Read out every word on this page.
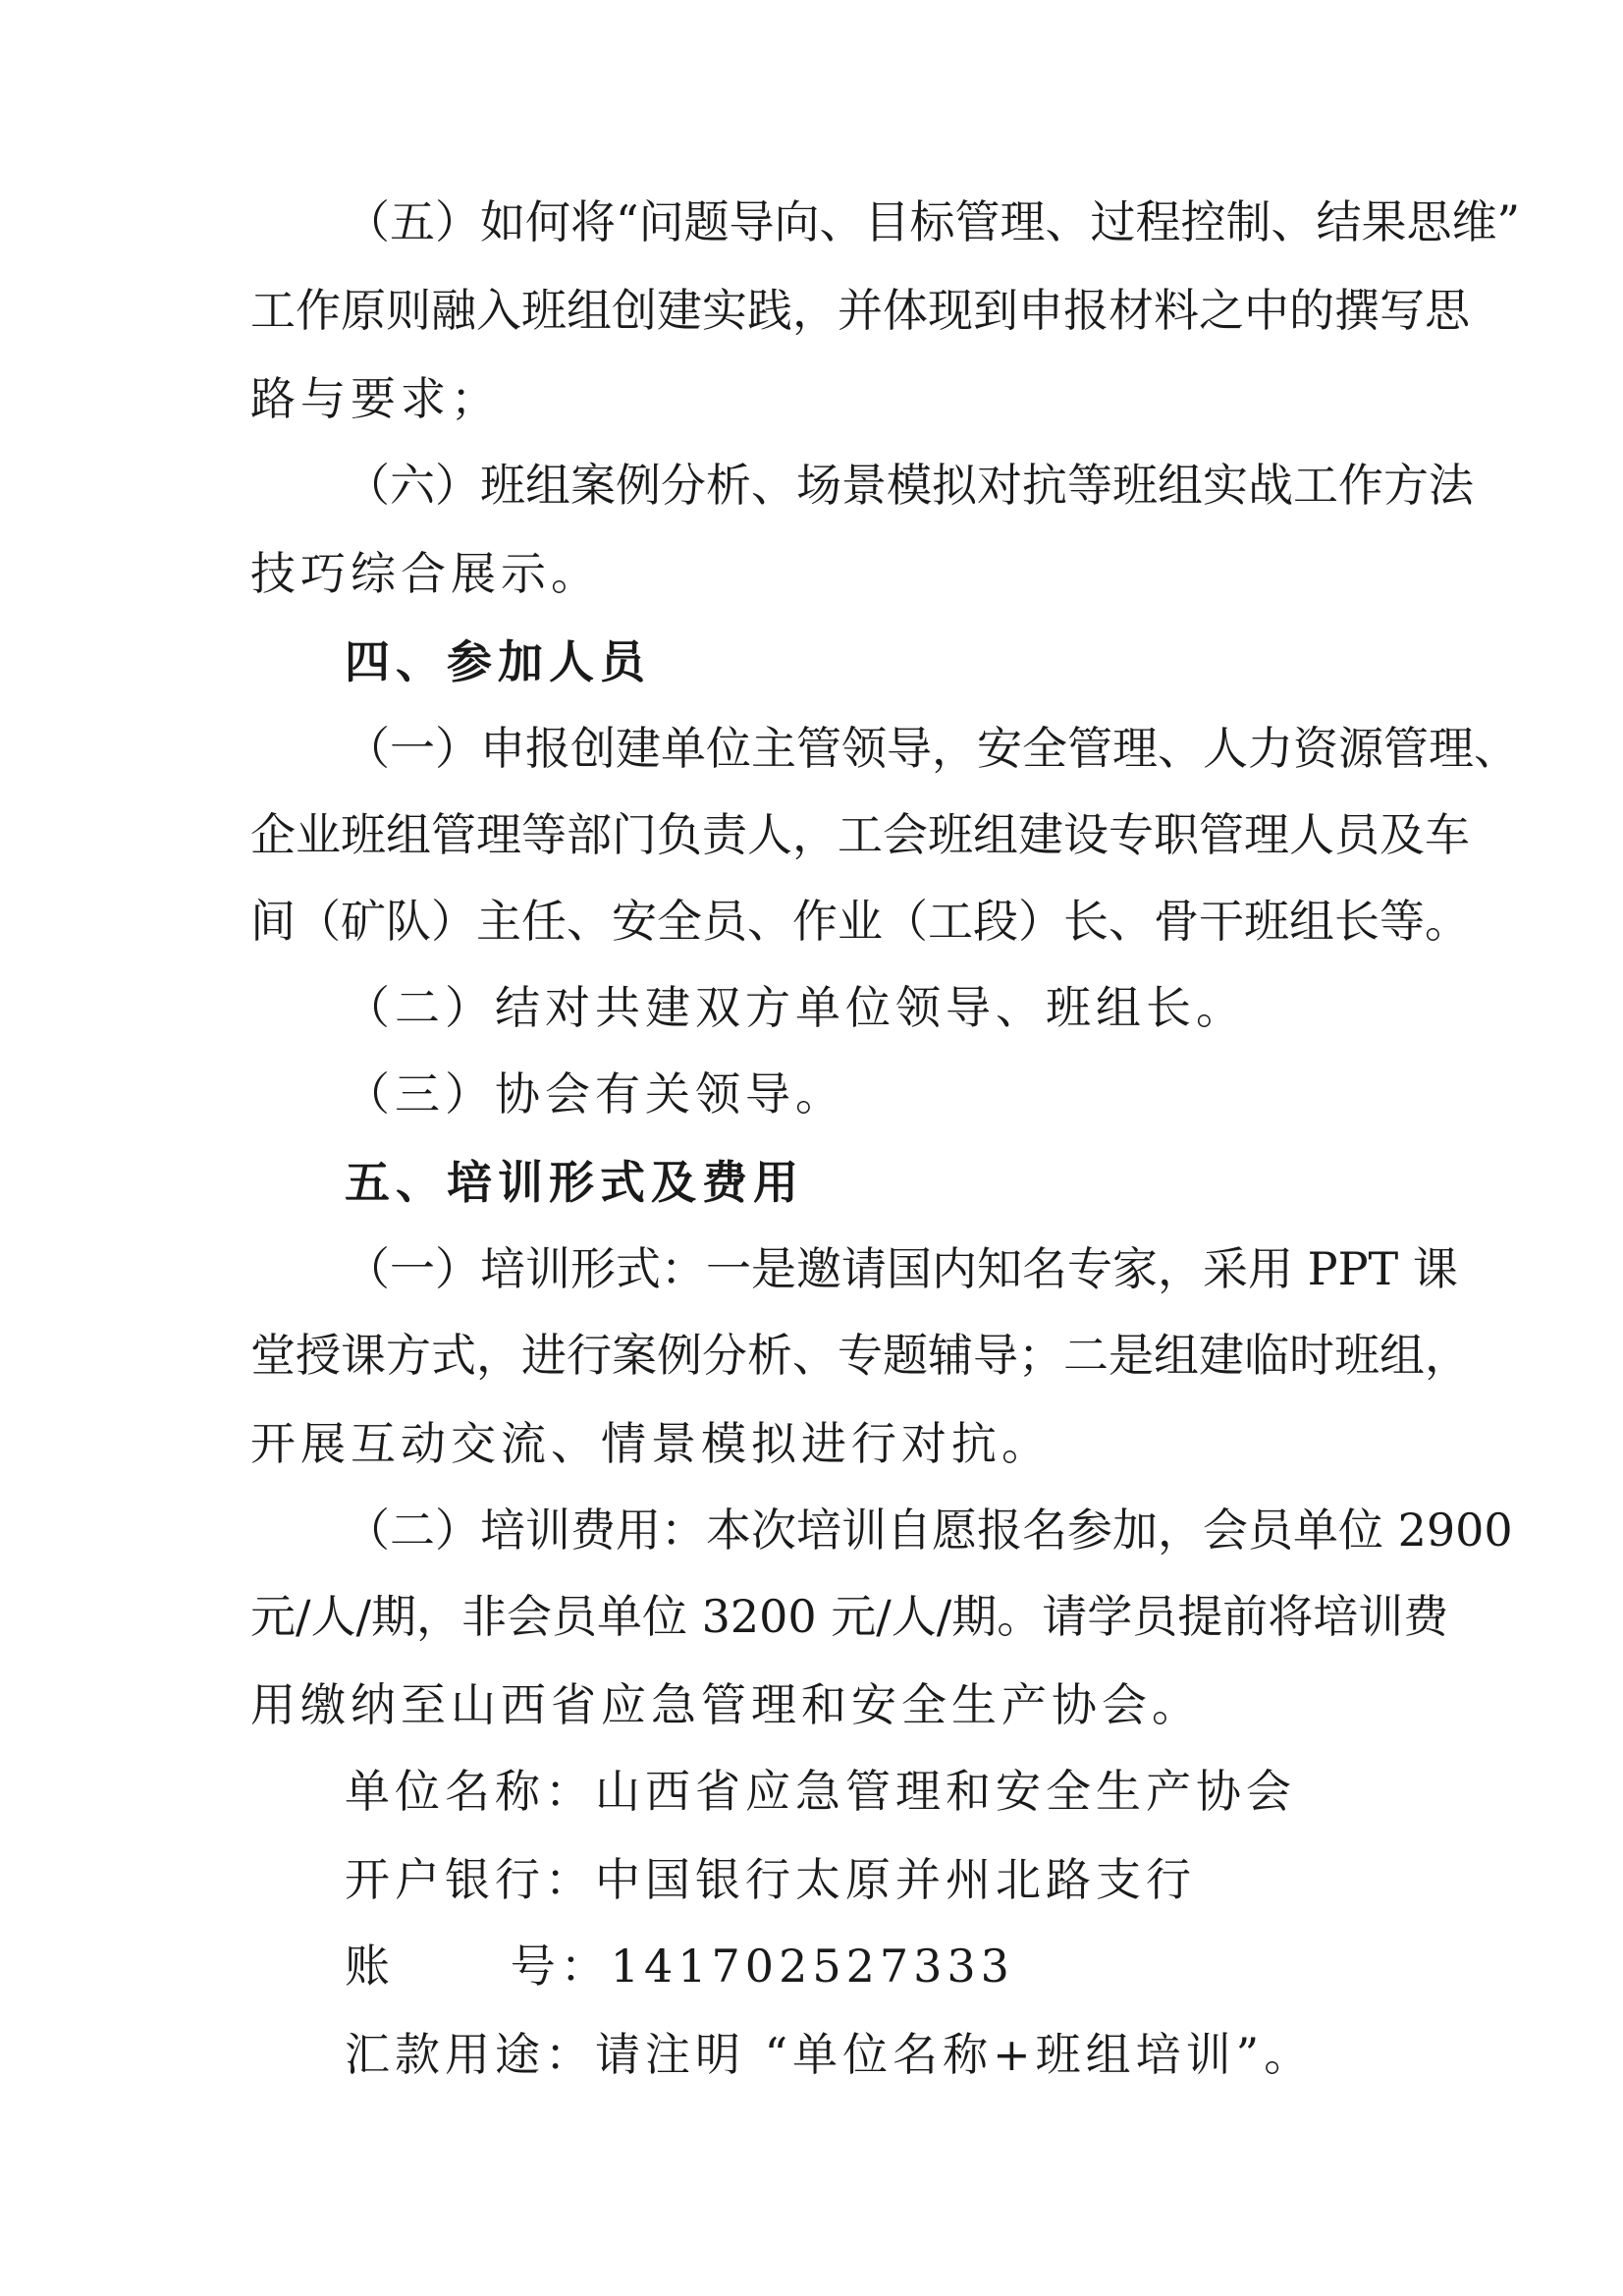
（五）如何将“问题导向、目标管理、过程控制、结果思维”
工作原则融入班组创建实践，并体现到申报材料之中的撰写思
路与要求；
（六）班组案例分析、场景模拟对抗等班组实战工作方法
技巧综合展示。
四、参加人员
（一）申报创建单位主管领导，安全管理、人力资源管理、
企业班组管理等部门负责人，工会班组建设专职管理人员及车
间（矿队）主任、安全员、作业（工段）长、骨干班组长等。
（二）结对共建双方单位领导、班组长。
（三）协会有关领导。
五、培训形式及费用
（一）培训形式：一是邀请国内知名专家，采用 PPT 课
堂授课方式，进行案例分析、专题辅导；二是组建临时班组，
开展互动交流、情景模拟进行对抗。
（二）培训费用：本次培训自愿报名参加，会员单位 2900
元/人/期，非会员单位 3200 元/人/期。请学员提前将培训费
用缴纳至山西省应急管理和安全生产协会。
单位名称：山西省应急管理和安全生产协会
开户银行：中国银行太原并州北路支行
账      号：141702527333
汇款用途：请注明 “单位名称+班组培训”。
